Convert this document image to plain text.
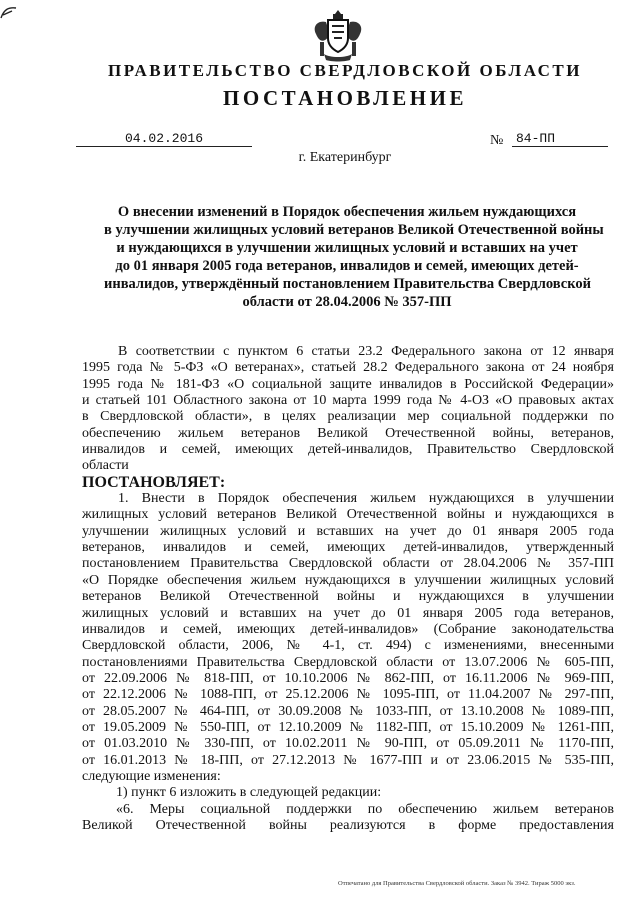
ПРАВИТЕЛЬСТВО СВЕРДЛОВСКОЙ ОБЛАСТИ
ПОСТАНОВЛЕНИЕ
04.02.2016	№ 84-ПП
г. Екатеринбург
О внесении изменений в Порядок обеспечения жильем нуждающихся
в улучшении жилищных условий ветеранов Великой Отечественной войны
и нуждающихся в улучшении жилищных условий и вставших на учет
до 01 января 2005 года ветеранов, инвалидов и семей, имеющих детей-
инвалидов, утверждённый постановлением Правительства Свердловской
области от 28.04.2006 № 357-ПП
В соответствии с пунктом 6 статьи 23.2 Федерального закона от 12 января
1995 года № 5-ФЗ «О ветеранах», статьей 28.2 Федерального закона от 24 ноября
1995 года № 181-ФЗ «О социальной защите инвалидов в Российской Федерации»
и статьей 101 Областного закона от 10 марта 1999 года № 4-ОЗ «О правовых актах
в Свердловской области», в целях реализации мер социальной поддержки по
обеспечению жильем ветеранов Великой Отечественной войны, ветеранов,
инвалидов и семей, имеющих детей-инвалидов, Правительство Свердловской
области
ПОСТАНОВЛЯЕТ:
1. Внести в Порядок обеспечения жильем нуждающихся в улучшении
жилищных условий ветеранов Великой Отечественной войны и нуждающихся в
улучшении жилищных условий и вставших на учет до 01 января 2005 года
ветеранов, инвалидов и семей, имеющих детей-инвалидов, утвержденный
постановлением Правительства Свердловской области от 28.04.2006 № 357-ПП
«О Порядке обеспечения жильем нуждающихся в улучшении жилищных условий
ветеранов Великой Отечественной войны и нуждающихся в улучшении
жилищных условий и вставших на учет до 01 января 2005 года ветеранов,
инвалидов и семей, имеющих детей-инвалидов» (Собрание законодательства
Свердловской области, 2006, № 4-1, ст. 494) с изменениями, внесенными
постановлениями Правительства Свердловской области от 13.07.2006 № 605-ПП,
от 22.09.2006 № 818-ПП, от 10.10.2006 № 862-ПП, от 16.11.2006 № 969-ПП,
от 22.12.2006 № 1088-ПП, от 25.12.2006 № 1095-ПП, от 11.04.2007 № 297-ПП,
от 28.05.2007 № 464-ПП, от 30.09.2008 № 1033-ПП, от 13.10.2008 № 1089-ПП,
от 19.05.2009 № 550-ПП, от 12.10.2009 № 1182-ПП, от 15.10.2009 № 1261-ПП,
от 01.03.2010 № 330-ПП, от 10.02.2011 № 90-ПП, от 05.09.2011 № 1170-ПП,
от 16.01.2013 № 18-ПП, от 27.12.2013 № 1677-ПП и от 23.06.2015 № 535-ПП,
следующие изменения:
1) пункт 6 изложить в следующей редакции:
«6. Меры социальной поддержки по обеспечению жильем ветеранов
Великой Отечественной войны реализуются в форме предоставления
Отпечатано для Правительства Свердловской области. Заказ № 3942. Тираж 5000 экз.
